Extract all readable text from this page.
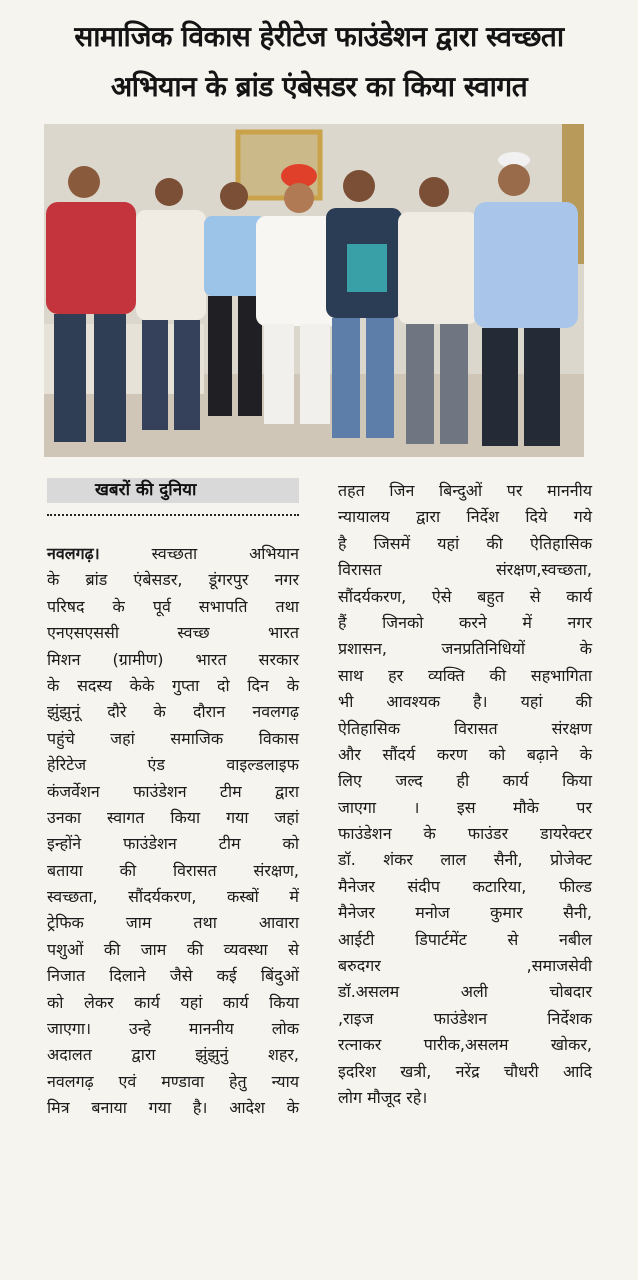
सामाजिक विकास हेरीटेज फाउंडेशन द्वारा स्वच्छता
अभियान के ब्रांड एंबेसडर का किया स्वागत
खबरों की दुनिया
नवलगढ़। स्वच्छता अभियान
के ब्रांड एंबेसडर, डूंगरपुर नगर
परिषद के पूर्व सभापति तथा
एनएसएससी स्वच्छ भारत
मिशन (ग्रामीण) भारत सरकार
के सदस्य केके गुप्ता दो दिन के
झुंझुनूं दौरे के दौरान नवलगढ़
पहुंचे जहां समाजिक विकास
हेरिटेज एंड वाइल्डलाइफ
कंजर्वेशन फाउंडेशन टीम द्वारा
उनका स्वागत किया गया जहां
इन्होंने फाउंडेशन टीम को
बताया की विरासत संरक्षण,
स्वच्छता, सौंदर्यकरण, कस्बों में
ट्रेफिक जाम तथा आवारा
पशुओं की जाम की व्यवस्था से
निजात दिलाने जैसे कई बिंदुओं
को लेकर कार्य यहां कार्य किया
जाएगा। उन्हे माननीय लोक
अदालत द्वारा झुंझुनुं शहर,
नवलगढ़ एवं मण्डावा हेतु न्याय
मित्र बनाया गया है। आदेश के
तहत जिन बिन्दुओं पर माननीय
न्यायालय द्वारा निर्देश दिये गये
है जिसमें यहां की ऐतिहासिक
विरासत संरक्षण,स्वच्छता,
सौंदर्यकरण, ऐसे बहुत से कार्य
हैं जिनको करने में नगर
प्रशासन, जनप्रतिनिधियों के
साथ हर व्यक्ति की सहभागिता
भी आवश्यक है। यहां की
ऐतिहासिक विरासत संरक्षण
और सौंदर्य करण को बढ़ाने के
लिए जल्द ही कार्य किया
जाएगा । इस मौके पर
फाउंडेशन के फाउंडर डायरेक्टर
डॉ. शंकर लाल सैनी, प्रोजेक्ट
मैनेजर संदीप कटारिया, फील्ड
मैनेजर मनोज कुमार सैनी,
आईटी डिपार्टमेंट से नबील
बरुदगर ,समाजसेवी
डॉ.असलम अली चोबदार
,राइज फाउंडेशन निर्देशक
रत्नाकर पारीक,असलम खोकर,
इदरिश खत्री, नरेंद्र चौधरी आदि
लोग मौजूद रहे।
